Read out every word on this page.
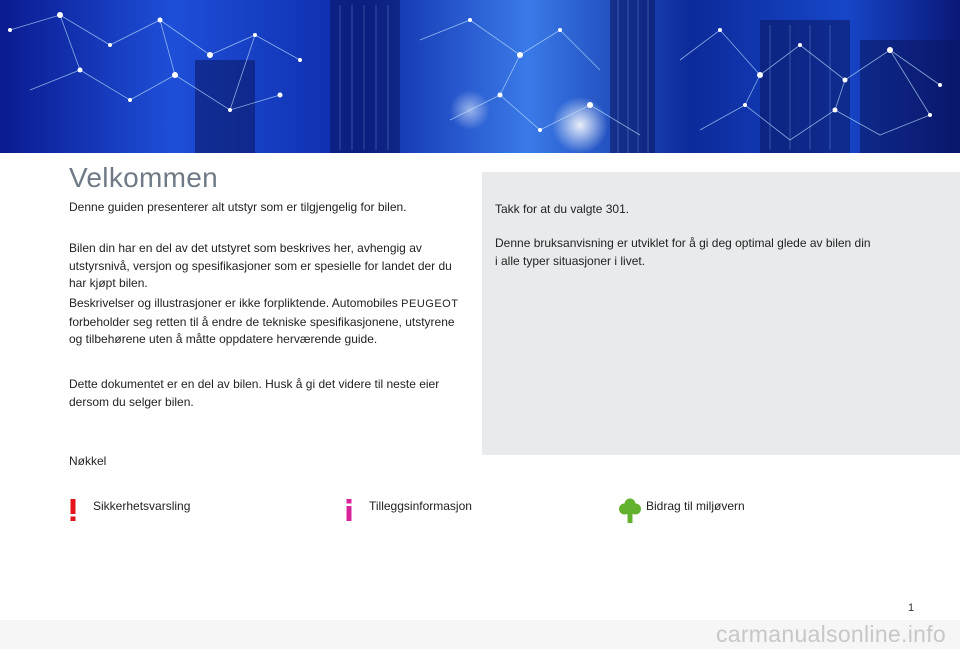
Velkommen

Denne guiden presenterer alt utstyr som er tilgjengelig for bilen.

Bilen din har en del av det utstyret som beskrives her, avhengig av utstyrsnivå, versjon og spesifikasjoner som er spesielle for landet der du har kjøpt bilen.

Beskrivelser og illustrasjoner er ikke forpliktende. Automobiles PEUGEOT forbeholder seg retten til å endre de tekniske spesifikasjonene, utstyrene og tilbehørene uten å måtte oppdatere herværende guide.

Dette dokumentet er en del av bilen. Husk å gi det videre til neste eier dersom du selger bilen.

Takk for at du valgte 301.

Denne bruksanvisning er utviklet for å gi deg optimal glede av bilen din i alle typer situasjoner i livet.

Nøkkel

Sikkerhetsvarsling	Tilleggsinformasjon	Bidrag til miljøvern
1
carmanualsonline.info
